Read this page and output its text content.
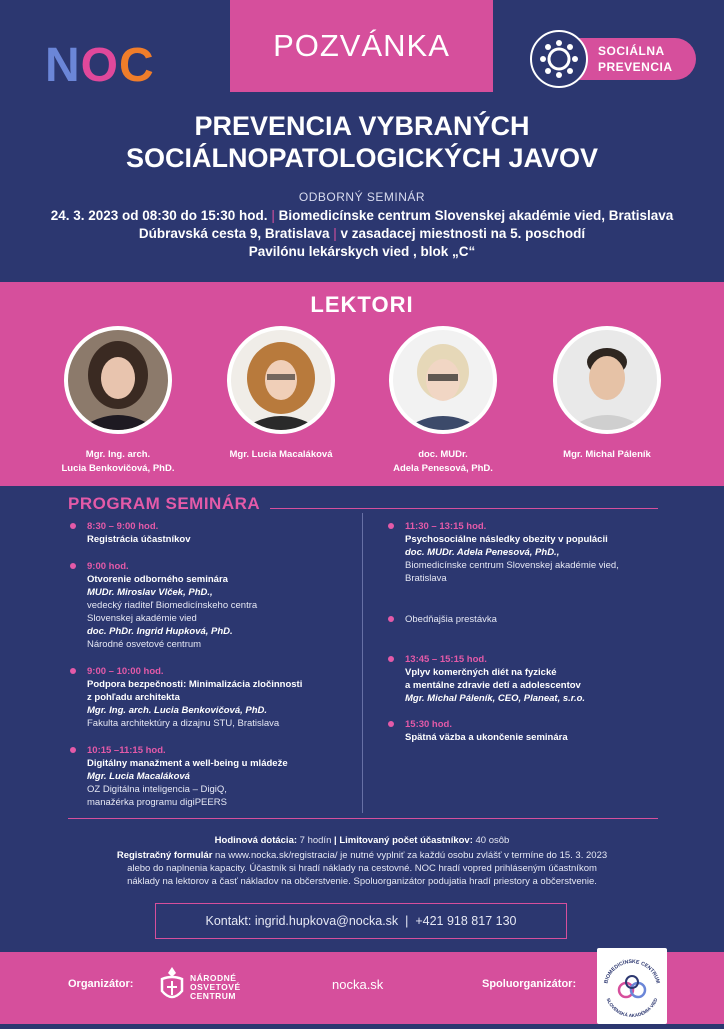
NOC	POZVÁNKA	SOCIÁLNA
PREVENCIA
PREVENCIA VYBRANÝCH
SOCIÁLNOPATOLOGICKÝCH JAVOV
ODBORNÝ SEMINÁR
24. 3. 2023 od 08:30 do 15:30 hod. | Biomedicínske centrum Slovenskej akadémie vied, Bratislava
Dúbravská cesta 9, Bratislava | v zasadacej miestnosti na 5. poschodí
Pavilónu lekárskych vied , blok „C“
LEKTORI
Mgr. Ing. arch.
Lucia Benkovičová, PhD.
Mgr. Lucia Macaláková	doc. MUDr.
Adela Penesová, PhD.
Mgr. Michal Páleník
PROGRAM SEMINÁRA
8:30 – 9:00 hod.
Registrácia účastníkov
9:00 hod.
Otvorenie odborného seminára
MUDr. Miroslav Vlček, PhD.,
vedecký riaditeľ Biomedicínskeho centra
Slovenskej akadémie vied
doc. PhDr. Ingrid Hupková, PhD.
Národné osvetové centrum
9:00 – 10:00 hod.
Podpora bezpečnosti: Minimalizácia zločinnosti
z pohľadu architekta
Mgr. Ing. arch. Lucia Benkovičová, PhD.
Fakulta architektúry a dizajnu STU, Bratislava
10:15 –11:15 hod.
Digitálny manažment a well-being u mládeže
Mgr. Lucia Macaláková
OZ Digitálna inteligencia – DigiQ,
manažérka programu digiPEERS
11:30 – 13:15 hod.
Psychosociálne následky obezity v populácii
doc. MUDr. Adela Penesová, PhD.,
Biomedicínske centrum Slovenskej akadémie vied,
Bratislava
Obedňajšia prestávka
13:45 – 15:15 hod.
Vplyv komerčných diét na fyzické
a mentálne zdravie detí a adolescentov
Mgr. Michal Páleník, CEO, Planeat, s.r.o.
15:30 hod.
Spätná väzba a ukončenie seminára
Hodinová dotácia: 7 hodín | Limitovaný počet účastníkov: 40 osôb
Registračný formulár na www.nocka.sk/registracia/ je nutné vyplniť za každú osobu zvlášť v termíne do 15. 3. 2023
alebo do naplnenia kapacity. Účastník si hradí náklady na cestovné. NOC hradí vopred prihláseným účastníkom
náklady na lektorov a časť nákladov na občerstvenie. Spoluorganizátor podujatia hradí priestory a občerstvenie.
Kontakt:
ingrid.hupkova@nocka.sk
|
+421 918 817 130
Organizátor:	NÁRODNÉ
OSVETOVÉ
CENTRUM
nocka.sk	Spoluorganizátor:	BIOMEDICÍNSKE CENTRUM
SLOVENSKÁ AKADÉMIA VIED
